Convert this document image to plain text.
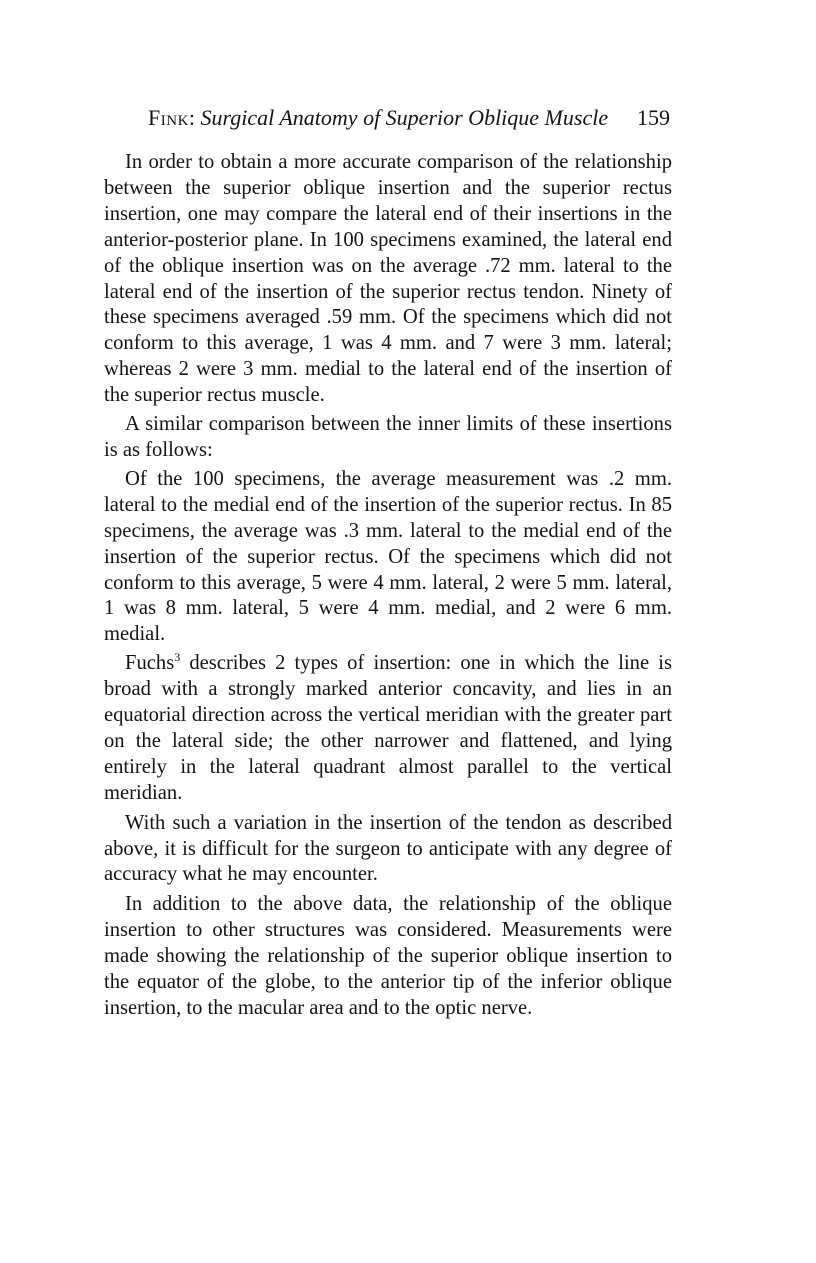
Fink: Surgical Anatomy of Superior Oblique Muscle 159

In order to obtain a more accurate comparison of the relationship between the superior oblique insertion and the superior rectus insertion, one may compare the lateral end of their insertions in the anterior-posterior plane. In 100 specimens examined, the lateral end of the oblique insertion was on the average .72 mm. lateral to the lateral end of the insertion of the superior rectus tendon. Ninety of these specimens averaged .59 mm. Of the specimens which did not conform to this average, 1 was 4 mm. and 7 were 3 mm. lateral; whereas 2 were 3 mm. medial to the lateral end of the insertion of the superior rectus muscle.

A similar comparison between the inner limits of these insertions is as follows:

Of the 100 specimens, the average measurement was .2 mm. lateral to the medial end of the insertion of the superior rectus. In 85 specimens, the average was .3 mm. lateral to the medial end of the insertion of the superior rectus. Of the specimens which did not conform to this average, 5 were 4 mm. lateral, 2 were 5 mm. lateral, 1 was 8 mm. lateral, 5 were 4 mm. medial, and 2 were 6 mm. medial.

Fuchs$^3$ describes 2 types of insertion: one in which the line is broad with a strongly marked anterior concavity, and lies in an equatorial direction across the vertical meridian with the greater part on the lateral side; the other narrower and flattened, and lying entirely in the lateral quadrant almost parallel to the vertical meridian.

With such a variation in the insertion of the tendon as described above, it is difficult for the surgeon to anticipate with any degree of accuracy what he may encounter.

In addition to the above data, the relationship of the oblique insertion to other structures was considered. Measurements were made showing the relationship of the superior oblique insertion to the equator of the globe, to the anterior tip of the inferior oblique insertion, to the macular area and to the optic nerve.
